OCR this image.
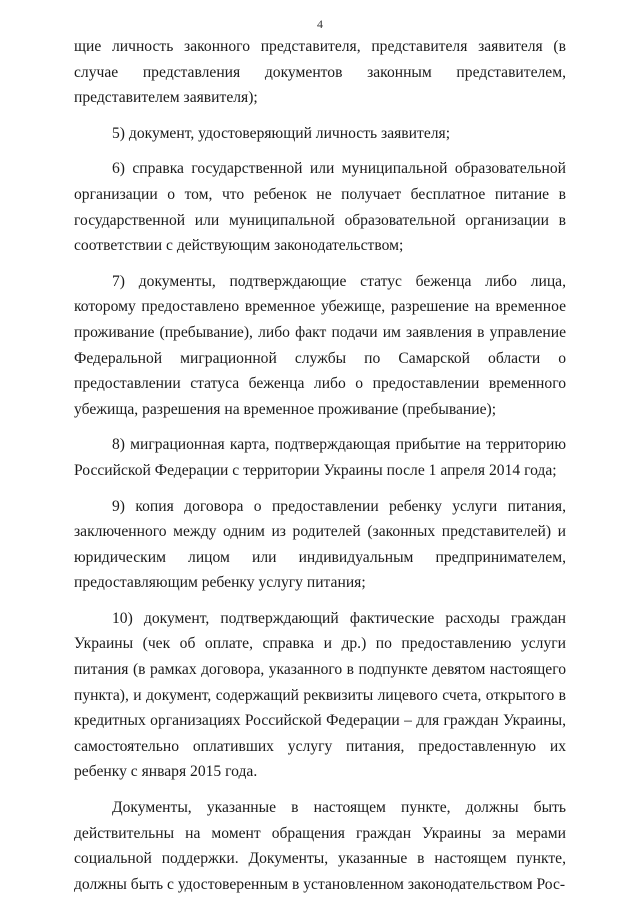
4

щие личность законного представителя, представителя заявителя (в случае представления документов законным представителем, представителем заявителя);

5) документ, удостоверяющий личность заявителя;

6) справка государственной или муниципальной образовательной организации о том, что ребенок не получает бесплатное питание в государственной или муниципальной образовательной организации в соответствии с действующим законодательством;

7) документы, подтверждающие статус беженца либо лица, которому предоставлено временное убежище, разрешение на временное проживание (пребывание), либо факт подачи им заявления в управление Федеральной миграционной службы по Самарской области о предоставлении статуса беженца либо о предоставлении временного убежища, разрешения на временное проживание (пребывание);

8) миграционная карта, подтверждающая прибытие на территорию Российской Федерации с территории Украины после 1 апреля 2014 года;

9) копия договора о предоставлении ребенку услуги питания, заключенного между одним из родителей (законных представителей) и юридическим лицом или индивидуальным предпринимателем, предоставляющим ребенку услугу питания;

10) документ, подтверждающий фактические расходы граждан Украины (чек об оплате, справка и др.) по предоставлению услуги питания (в рамках договора, указанного в подпункте девятом настоящего пункта), и документ, содержащий реквизиты лицевого счета, открытого в кредитных организациях Российской Федерации – для граждан Украины, самостоятельно оплативших услугу питания, предоставленную их ребенку с января 2015 года.

Документы, указанные в настоящем пункте, должны быть действительны на момент обращения граждан Украины за мерами социальной поддержки. Документы, указанные в настоящем пункте, должны быть с удостоверенным в установленном законодательством Рос-
